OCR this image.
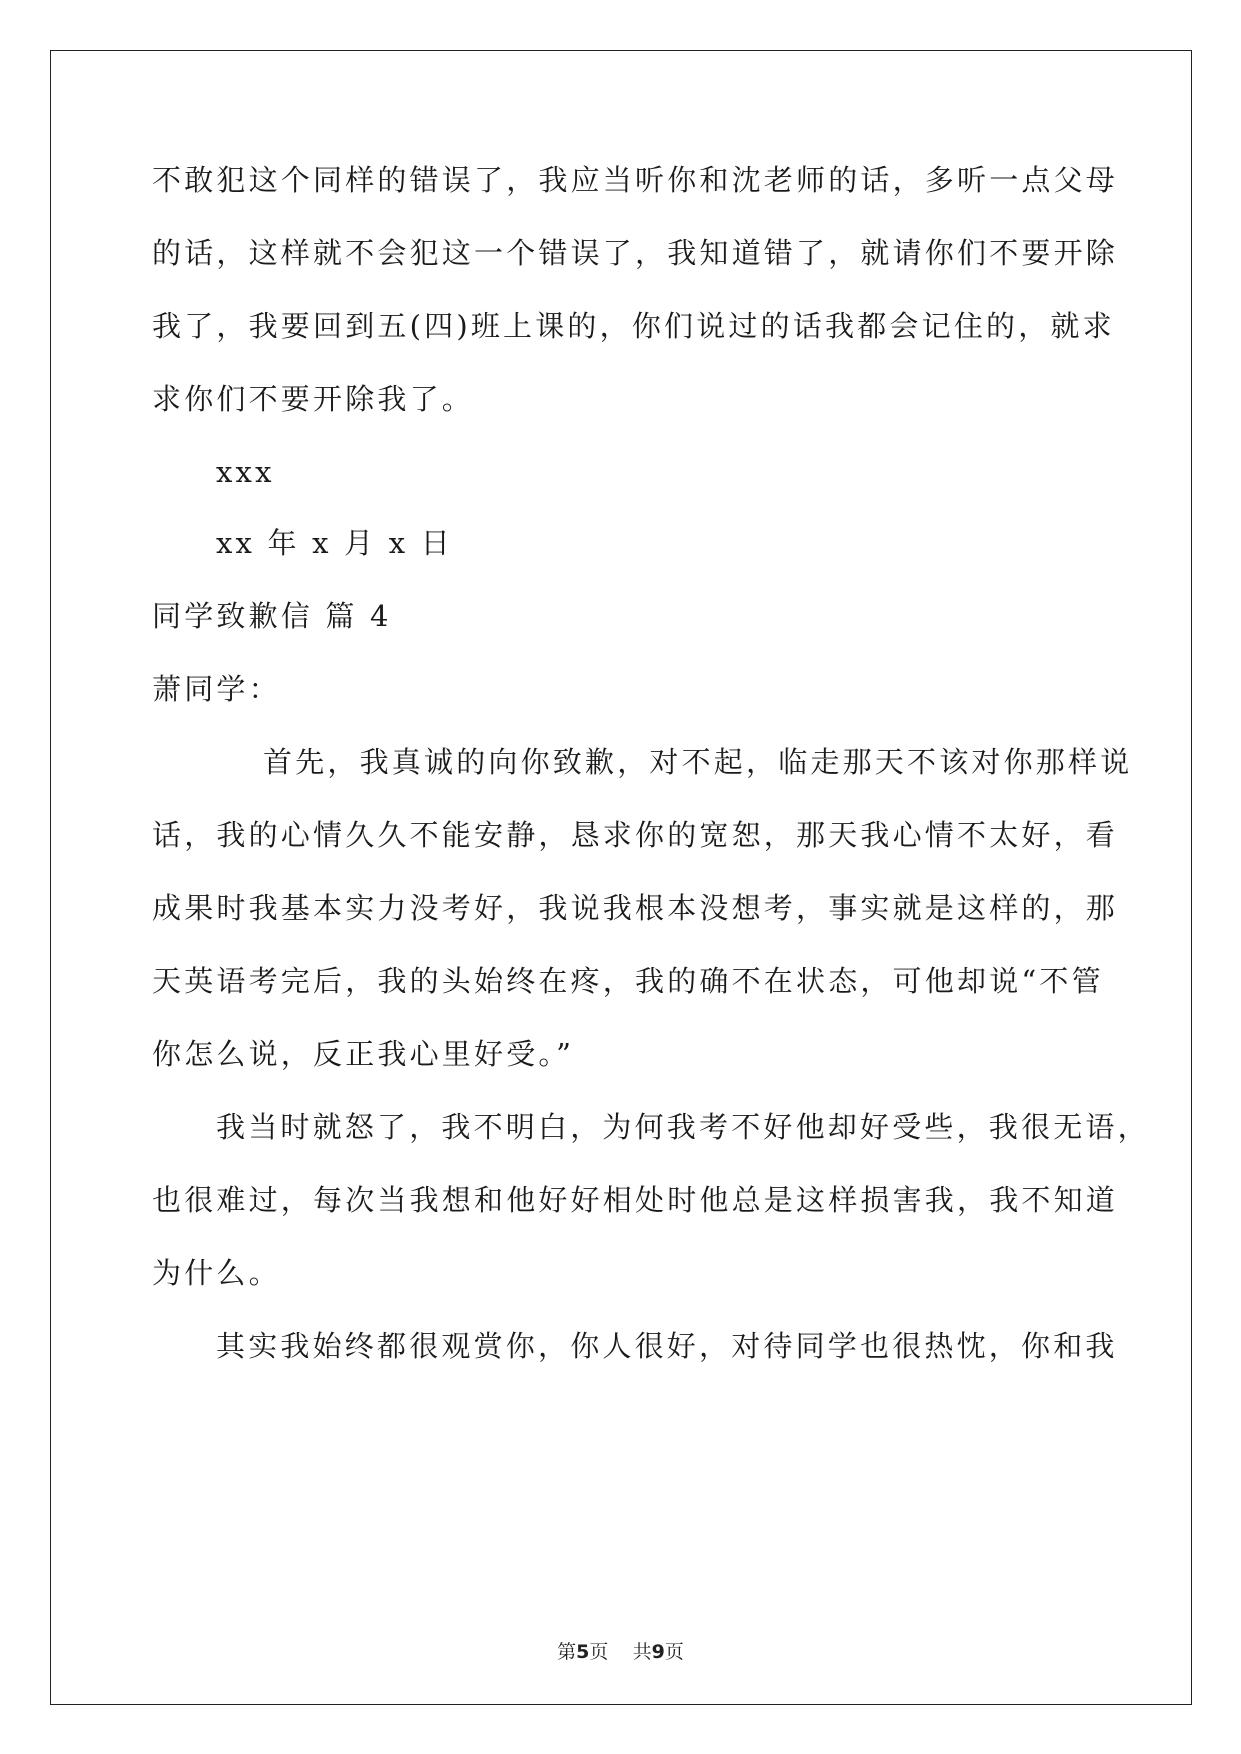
不敢犯这个同样的错误了，我应当听你和沈老师的话，多听一点父母
的话，这样就不会犯这一个错误了，我知道错了，就请你们不要开除
我了，我要回到五(四)班上课的，你们说过的话我都会记住的，就求
求你们不要开除我了。
xxx
xx 年 x 月 x 日
同学致歉信 篇 4
萧同学：
首先，我真诚的向你致歉，对不起，临走那天不该对你那样说
话，我的心情久久不能安静，恳求你的宽恕，那天我心情不太好，看
成果时我基本实力没考好，我说我根本没想考，事实就是这样的，那
天英语考完后，我的头始终在疼，我的确不在状态，可他却说“不管
你怎么说，反正我心里好受。”
我当时就怒了，我不明白，为何我考不好他却好受些，我很无语，
也很难过，每次当我想和他好好相处时他总是这样损害我，我不知道
为什么。
其实我始终都很观赏你，你人很好，对待同学也很热忱，你和我
第5页    共9页
